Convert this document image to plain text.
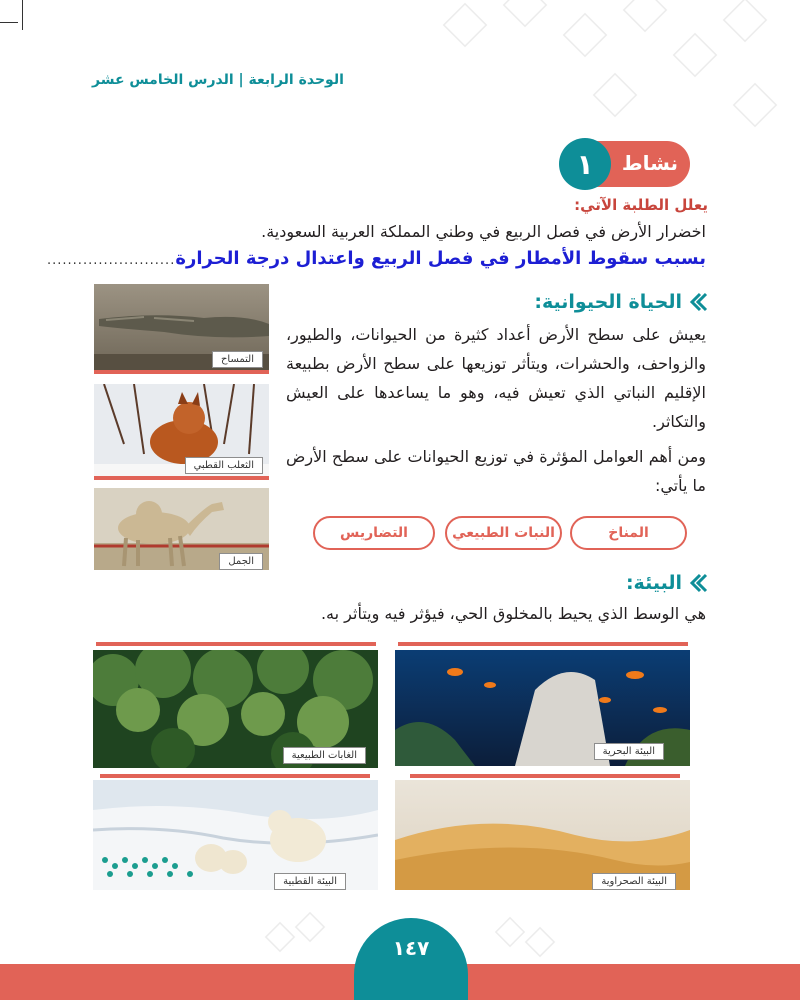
الوحدة الرابعة | الدرس الخامس عشر
نشاط
١
يعلل الطلبة الآتي:
اخضرار الأرض في فصل الربيع في وطني المملكة العربية السعودية.
بسبب سقوط الأمطار في فصل الربيع واعتدال درجة الحرارة
.........................
التمساح
الثعلب القطبي
الجمل
الحياة الحيوانية:
يعيش على سطح الأرض أعداد كثيرة من الحيوانات، والطيور، والزواحف، والحشرات، ويتأثر توزيعها على سطح الأرض بطبيعة الإقليم النباتي الذي تعيش فيه، وهو ما يساعدها على العيش والتكاثر.
ومن أهم العوامل المؤثرة في توزيع الحيوانات على سطح الأرض ما يأتي:
المناخ
النبات الطبيعي
التضاريس
البيئة:
هي الوسط الذي يحيط بالمخلوق الحي، فيؤثر فيه ويتأثر به.
البيئة البحرية
الغابات الطبيعية
البيئة الصحراوية
البيئة القطبية
١٤٧
